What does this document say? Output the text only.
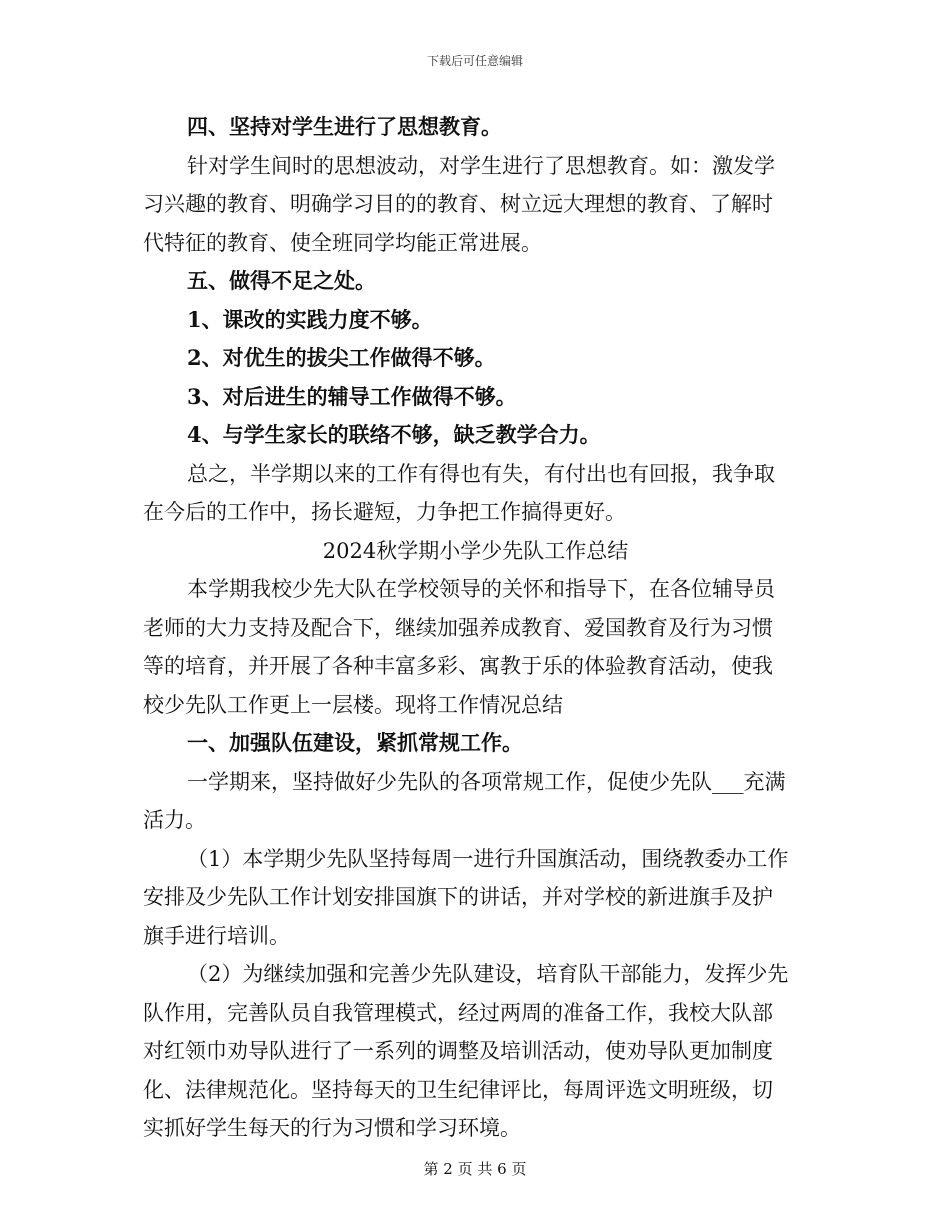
下载后可任意编辑
四、坚持对学生进行了思想教育。
针对学生间时的思想波动，对学生进行了思想教育。如：激发学
习兴趣的教育、明确学习目的的教育、树立远大理想的教育、了解时
代特征的教育、使全班同学均能正常进展。
五、做得不足之处。
1、课改的实践力度不够。
2、对优生的拔尖工作做得不够。
3、对后进生的辅导工作做得不够。
4、与学生家长的联络不够，缺乏教学合力。
总之，半学期以来的工作有得也有失，有付出也有回报，我争取
在今后的工作中，扬长避短，力争把工作搞得更好。
2024秋学期小学少先队工作总结
本学期我校少先大队在学校领导的关怀和指导下，在各位辅导员
老师的大力支持及配合下，继续加强养成教育、爱国教育及行为习惯
等的培育，并开展了各种丰富多彩、寓教于乐的体验教育活动，使我
校少先队工作更上一层楼。现将工作情况总结
一、加强队伍建设，紧抓常规工作。
一学期来，坚持做好少先队的各项常规工作，促使少先队___充满
活力。
（1）本学期少先队坚持每周一进行升国旗活动，围绕教委办工作
安排及少先队工作计划安排国旗下的讲话，并对学校的新进旗手及护
旗手进行培训。
（2）为继续加强和完善少先队建设，培育队干部能力，发挥少先
队作用，完善队员自我管理模式，经过两周的准备工作，我校大队部
对红领巾劝导队进行了一系列的调整及培训活动，使劝导队更加制度
化、法律规范化。坚持每天的卫生纪律评比，每周评选文明班级，切
实抓好学生每天的行为习惯和学习环境。
第 2 页 共 6 页
